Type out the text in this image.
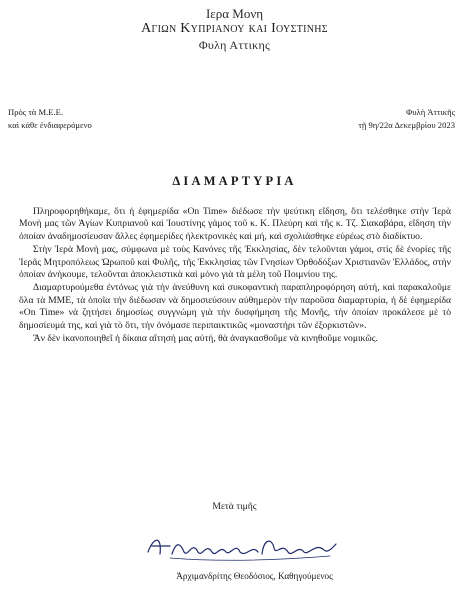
Ιερα Μονη
Αγιων Κυπριανου και Ιουστινης
Φυλη Αττικης
Πρὸς τὰ Μ.Ε.Ε.
καὶ κάθε ἐνδιαφερόμενο
Φυλὴ Ἀττικῆς
τῇ 9η/22α Δεκεμβρίου 2023
ΔΙΑΜΑΡΤΥΡΙΑ

Πληροφορηθήκαμε, ὅτι ἡ ἐφημερίδα «On Time» διέδωσε τὴν ψεύτικη εἴδηση, ὅτι τελέσθηκε στὴν Ἱερὰ Μονὴ μας τῶν Ἁγίων Κυπριανοῦ καὶ Ἰουστίνης γάμος τοῦ κ. Κ. Πλεύρη καὶ τῆς κ. Τζ. Σιακαβάρα, εἴδηση τὴν ὁποίαν ἀναδημοσίευσαν ἄλλες ἐφημερίδες ἠλεκτρονικὲς καὶ μή, καὶ σχολιάσθηκε εὐρέως στὸ διαδίκτυο.

Στὴν Ἱερὰ Μονὴ μας, σύμφωνα μὲ τοὺς Κανόνες τῆς Ἐκκλησίας, δὲν τελοῦνται γάμοι, στὶς δὲ ἐνορίες τῆς Ἱερᾶς Μητροπόλεως Ὠρωποῦ καὶ Φυλῆς, τῆς Ἐκκλησίας τῶν Γνησίων Ὀρθοδόξων Χριστιανῶν Ἑλλάδος, στὴν ὁποίαν ἀνήκουμε, τελοῦνται ἀποκλειστικὰ καὶ μόνο γιὰ τὰ μέλη τοῦ Ποιμνίου της.

Διαμαρτυρούμεθα ἐντόνως γιὰ τὴν ἀνεύθυνη καὶ συκοφαντικὴ παραπληροφόρηση αὐτή, καὶ παρακαλοῦμε ὅλα τὰ ΜΜΕ, τὰ ὁποῖα τὴν διέδωσαν νὰ δημοσιεύσουν αὐθημερὸν τὴν παροῦσα διαμαρτυρία, ἡ δὲ ἐφημερίδα «On Time» νὰ ζητήσει δημοσίως συγγνώμη γιὰ τὴν δυσφήμηση τῆς Μονῆς, τὴν ὁποίαν προκάλεσε μὲ τὸ δημοσίευμά της, καὶ γιὰ τὸ ὅτι, τὴν ὀνόμασε περιπαικτικῶς «μοναστήρι τῶν ἐξορκιστῶν».

Ἂν δὲν ἱκανοποιηθεῖ ἡ δίκαια αἴτησή μας αὐτή, θὰ ἀναγκασθοῦμε νὰ κινηθοῦμε νομικῶς.

Μετὰ τιμῆς
Ἀρχιμανδρίτης Θεοδόσιος, Καθηγούμενος
